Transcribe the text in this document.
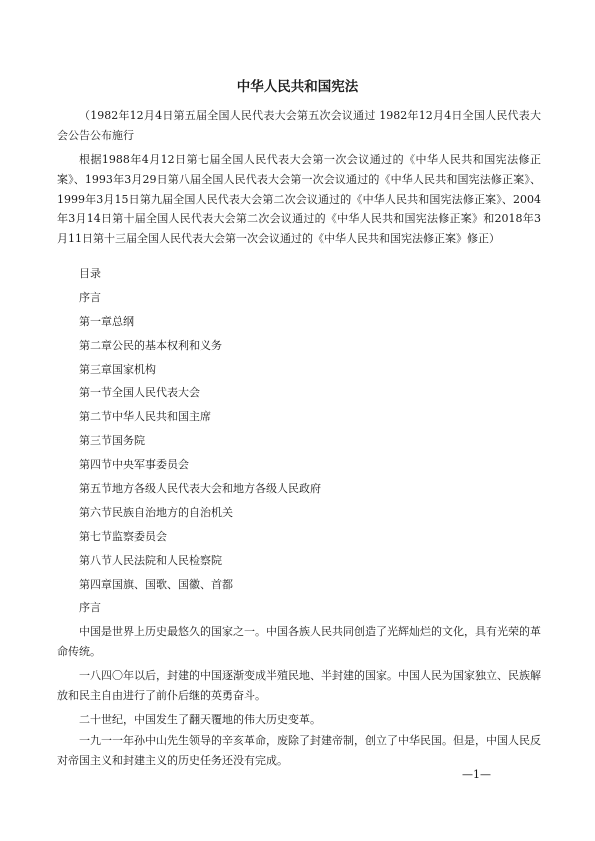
中华人民共和国宪法

（1982年12月4日第五届全国人民代表大会第五次会议通过 1982年12月4日全国人民代表大会公告公布施行

根据1988年4月12日第七届全国人民代表大会第一次会议通过的《中华人民共和国宪法修正案》、1993年3月29日第八届全国人民代表大会第一次会议通过的《中华人民共和国宪法修正案》、1999年3月15日第九届全国人民代表大会第二次会议通过的《中华人民共和国宪法修正案》、2004年3月14日第十届全国人民代表大会第二次会议通过的《中华人民共和国宪法修正案》和2018年3月11日第十三届全国人民代表大会第一次会议通过的《中华人民共和国宪法修正案》修正）

目录
序言
第一章总纲
第二章公民的基本权利和义务
第三章国家机构
第一节全国人民代表大会
第二节中华人民共和国主席
第三节国务院
第四节中央军事委员会
第五节地方各级人民代表大会和地方各级人民政府
第六节民族自治地方的自治机关
第七节监察委员会
第八节人民法院和人民检察院
第四章国旗、国歌、国徽、首都
序言

中国是世界上历史最悠久的国家之一。中国各族人民共同创造了光辉灿烂的文化，具有光荣的革命传统。

一八四〇年以后，封建的中国逐渐变成半殖民地、半封建的国家。中国人民为国家独立、民族解放和民主自由进行了前仆后继的英勇奋斗。

二十世纪，中国发生了翻天覆地的伟大历史变革。

一九一一年孙中山先生领导的辛亥革命，废除了封建帝制，创立了中华民国。但是，中国人民反对帝国主义和封建主义的历史任务还没有完成。

—1—
